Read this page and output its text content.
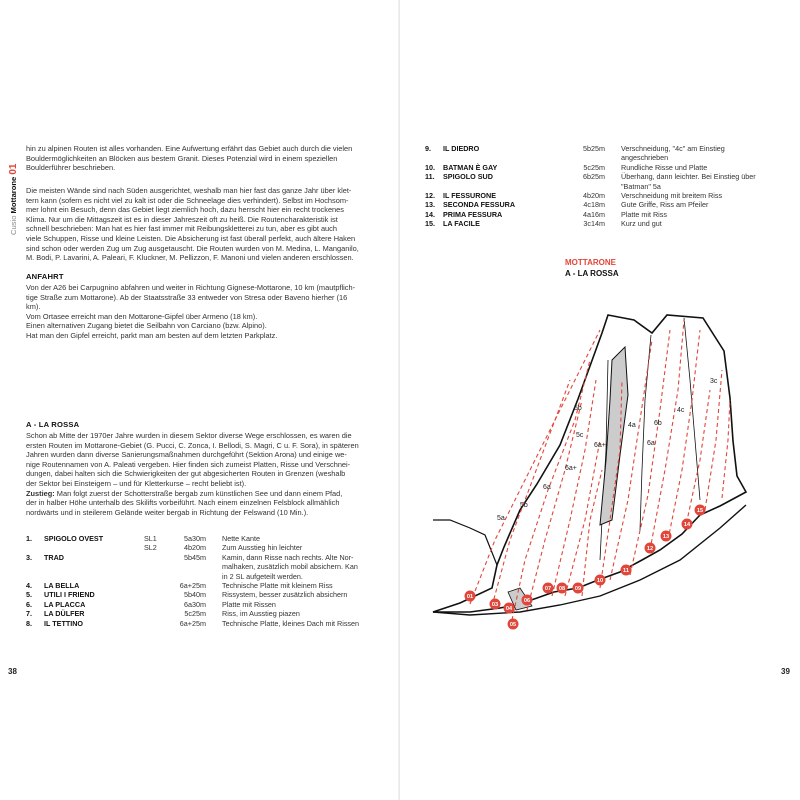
Cusio Mottarone 01
hin zu alpinen Routen ist alles vorhanden. Eine Aufwertung erfährt das Gebiet auch durch die vielen
Bouldermöglichkeiten an Blöcken aus bestem Granit. Dieses Potenzial wird in einem speziellen
Boulderführer beschrieben.
Die meisten Wände sind nach Süden ausgerichtet, weshalb man hier fast das ganze Jahr über klet-
tern kann (sofern es nicht viel zu kalt ist oder die Schneelage dies verhindert). Selbst im Hochsom-
mer lohnt ein Besuch, denn das Gebiet liegt ziemlich hoch, dazu herrscht hier ein recht trockenes
Klima. Nur um die Mittagszeit ist es in dieser Jahreszeit oft zu heiß. Die Routencharakteristik ist
schnell beschrieben: Man hat es hier fast immer mit Reibungskletterei zu tun, aber es gibt auch
viele Schuppen, Risse und kleine Leisten. Die Absicherung ist fast überall perfekt, auch ältere Haken
sind schon oder werden Zug um Zug ausgetauscht. Die Routen wurden von M. Medina, L. Manganilo,
M. Bodi, P. Lavarini, A. Paleari, F. Kluckner, M. Pellizzon, F. Manoni und vielen anderen erschlossen.
ANFAHRT
Von der A26 bei Carpugnino abfahren und weiter in Richtung Gignese-Mottarone, 10 km (mautpflich-
tige Straße zum Mottarone). Ab der Staatsstraße 33 entweder von Stresa oder Baveno hierher (16
km).
Vom Ortasee erreicht man den Mottarone-Gipfel über Armeno (18 km).
Einen alternativen Zugang bietet die Seilbahn von Carciano (bzw. Alpino).
Hat man den Gipfel erreicht, parkt man am besten auf dem letzten Parkplatz.
A - LA ROSSA
Schon ab Mitte der 1970er Jahre wurden in diesem Sektor diverse Wege erschlossen, es waren die
ersten Routen im Mottarone-Gebiet (G. Pucci, C. Zonca, I. Bellodi, S. Magri, C u. F. Sora), in späteren
Jahren wurden dann diverse Sanierungsmaßnahmen durchgeführt (Sektion Arona) und einige we-
nige Routennamen von A. Paleati vergeben. Hier finden sich zumeist Platten, Risse und Verschnei-
dungen, dabei halten sich die Schwierigkeiten der gut abgesicherten Routen in Grenzen (weshalb
der Sektor bei Einsteigern – und für Kletterkurse – recht beliebt ist).
Zustieg: Man folgt zuerst der Schotterstraße bergab zum künstlichen See und dann einem Pfad,
der in halber Höhe unterhalb des Skilifts vorbeiführt. Nach einem einzelnen Felsblock allmählich
nordwärts und in steilerem Gelände weiter bergab in Richtung der Felswand (10 Min.).
1.	SPIGOLO OVEST	SL1	5a	30m	Nette Kante
		SL2	4b	20m	Zum Ausstieg hin leichter
3.	TRAD		5b	45m	Kamin, dann Risse nach rechts. Alte Nor-
					malhaken, zusätzlich mobil absichern. Kan
					in 2 SL aufgeteilt werden.
4.	LA BELLA		6a+	25m	Technische Platte mit kleinem Riss
5.	UTILI I FRIEND		5b	40m	Rissystem, besser zusätzlich absichern
6.	LA PLACCA		6a	30m	Platte mit Rissen
7.	LA DÜLFER		5c	25m	Riss, im Ausstieg piazen
8.	IL TETTINO		6a+	25m	Technische Platte, kleines Dach mit Rissen
38	39
9.	IL DIEDRO	5b	25m	Verschneidung, "4c" am Einstieg
				angeschrieben
10.	BATMAN È GAY	5c	25m	Rundliche Risse und Platte
11.	SPIGOLO SUD	6b	25m	Überhang, dann leichter. Bei Einstieg über
				"Batman" 5a
12.	IL FESSURONE	4b	20m	Verschneidung mit breitem Riss
13.	SECONDA FESSURA	4c	18m	Gute Griffe, Riss am Pfeiler
14.	PRIMA FESSURA	4a	16m	Platte mit Riss
15.	LA FACILE	3c	14m	Kurz und gut
MOTTARONE
A - LA ROSSA
5a
5b
6a
6a+
5c
6a+
4a
6a
6b
4c
3c
5b
01
03
04
05
06
07 08 09
10
11
12
13
14
15
